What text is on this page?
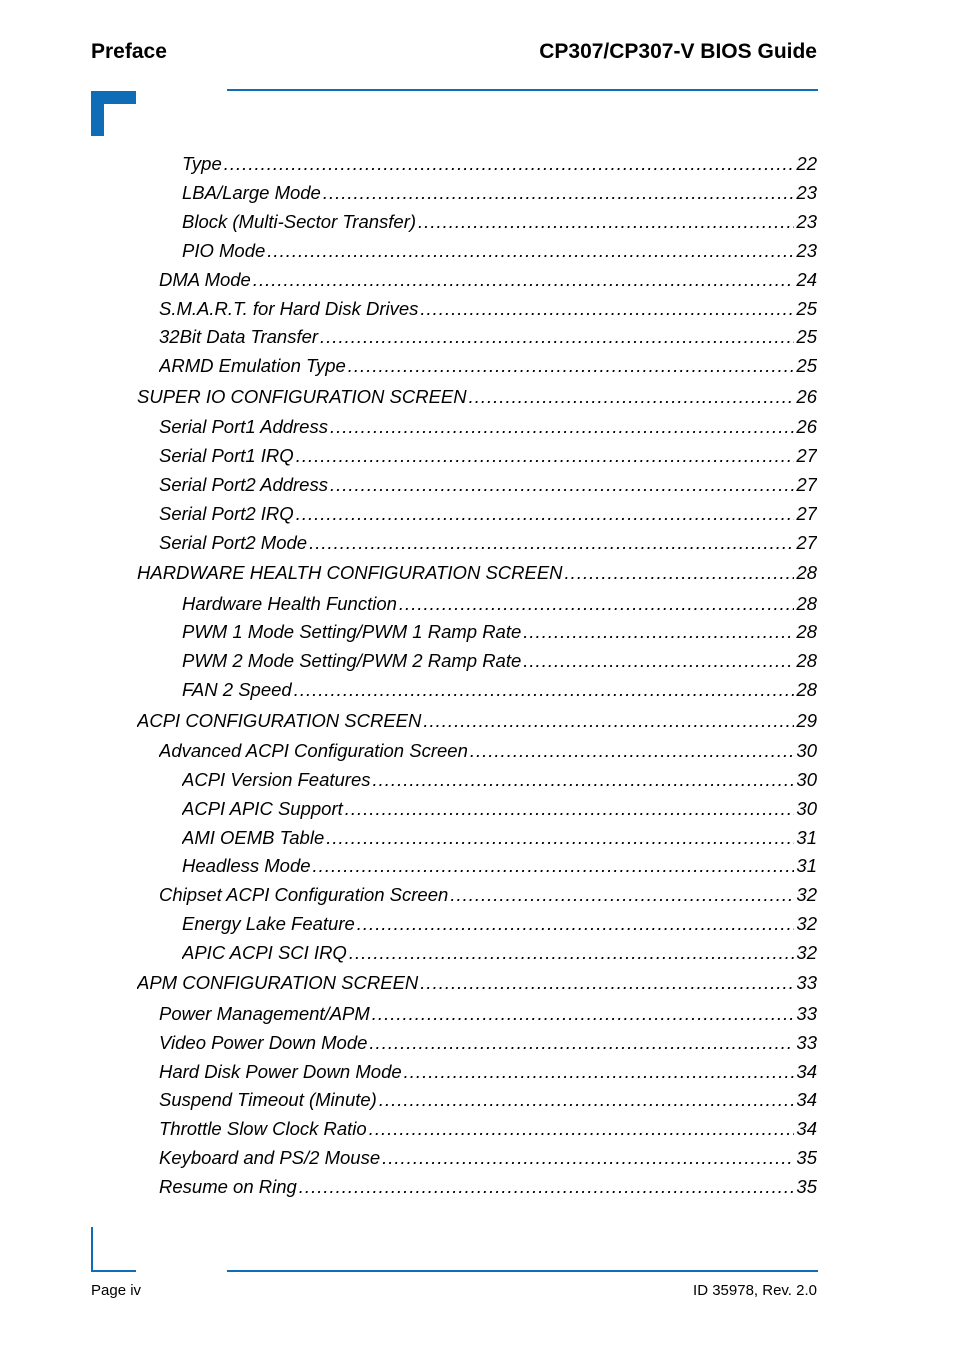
Preface	CP307/CP307-V BIOS Guide
Type .....	22
LBA/Large Mode .....	23
Block (Multi-Sector Transfer) .....	23
PIO Mode .....	23
DMA Mode .....	24
S.M.A.R.T. for Hard Disk Drives .....	25
32Bit Data Transfer .....	25
ARMD Emulation Type .....	25
SUPER IO CONFIGURATION SCREEN .....	26
Serial Port1 Address .....	26
Serial Port1 IRQ .....	27
Serial Port2 Address .....	27
Serial Port2 IRQ .....	27
Serial Port2 Mode .....	27
HARDWARE HEALTH CONFIGURATION SCREEN .....	28
Hardware Health Function .....	28
PWM 1 Mode Setting/PWM 1 Ramp Rate .....	28
PWM 2 Mode Setting/PWM 2 Ramp Rate .....	28
FAN 2 Speed .....	28
ACPI CONFIGURATION SCREEN .....	29
Advanced ACPI Configuration Screen .....	30
ACPI Version Features .....	30
ACPI APIC Support .....	30
AMI OEMB Table .....	31
Headless Mode .....	31
Chipset ACPI Configuration Screen .....	32
Energy Lake Feature .....	32
APIC ACPI SCI IRQ .....	32
APM CONFIGURATION SCREEN .....	33
Power Management/APM .....	33
Video Power Down Mode .....	33
Hard Disk Power Down Mode .....	34
Suspend Timeout (Minute) .....	34
Throttle Slow Clock Ratio .....	34
Keyboard and PS/2 Mouse .....	35
Resume on Ring .....	35
Page iv	ID 35978, Rev. 2.0
